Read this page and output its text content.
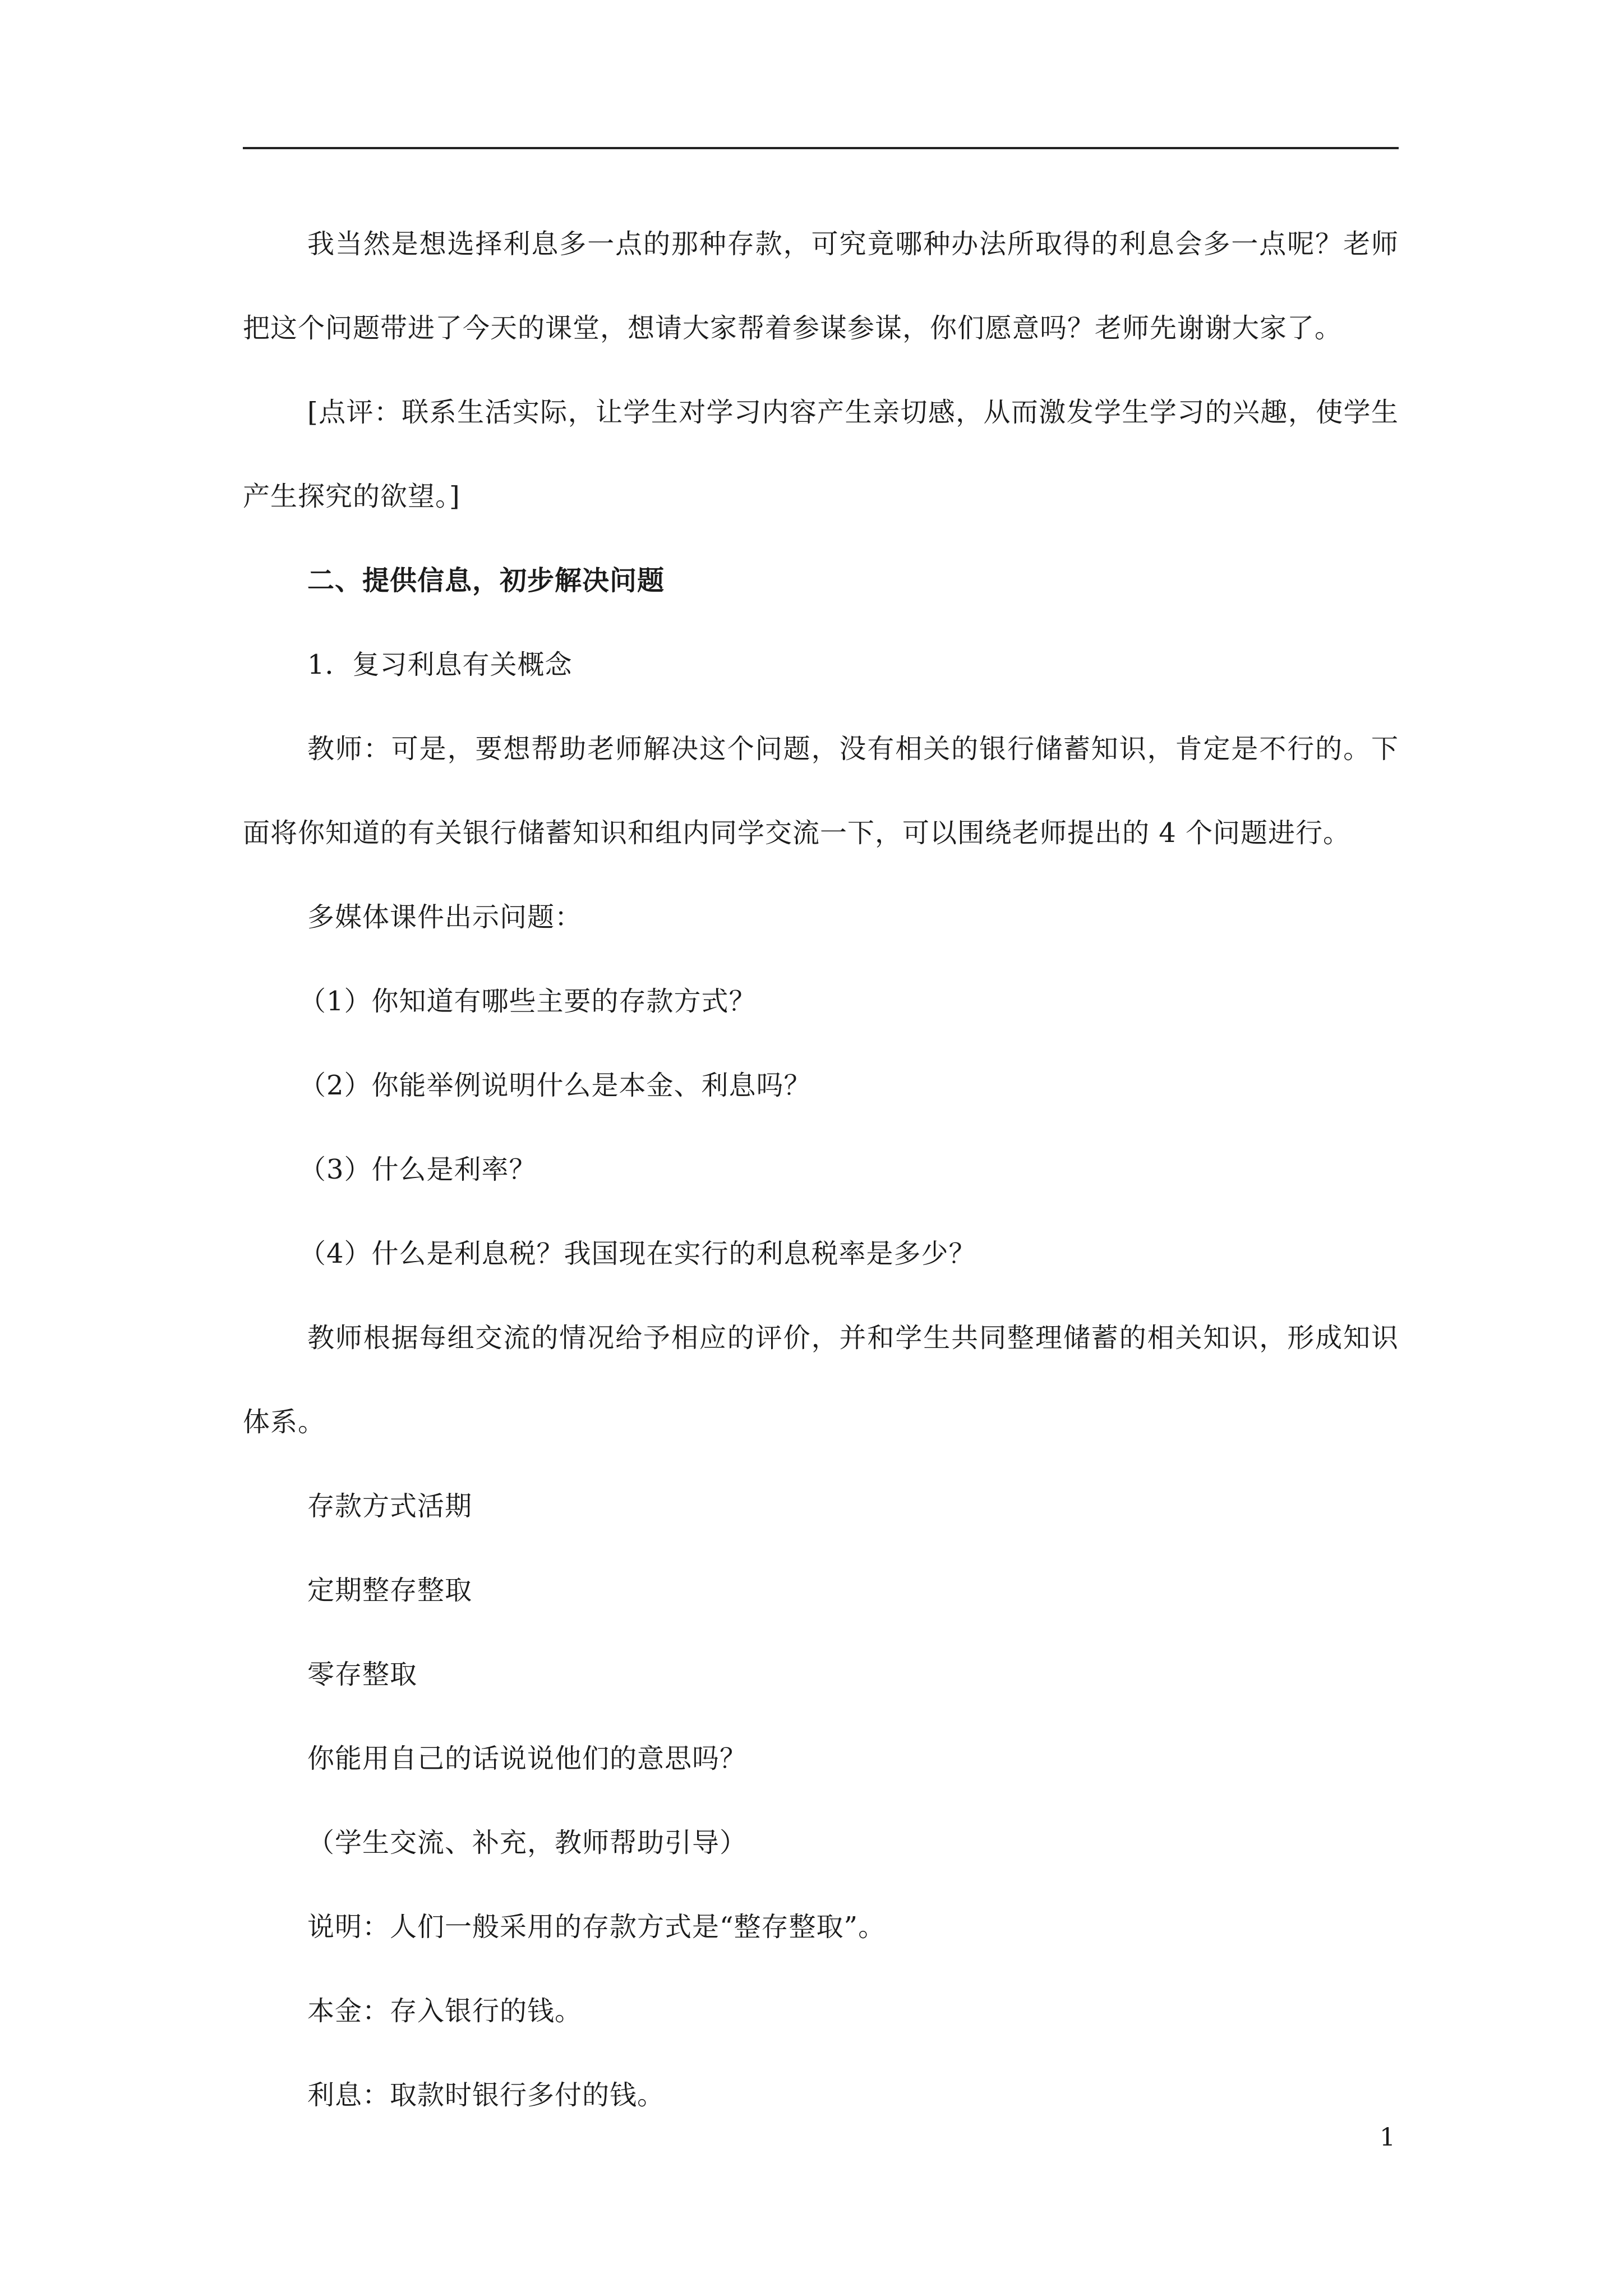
我当然是想选择利息多一点的那种存款，可究竟哪种办法所取得的利息会多一点呢？老师把这个问题带进了今天的课堂，想请大家帮着参谋参谋，你们愿意吗？老师先谢谢大家了。

[点评：联系生活实际，让学生对学习内容产生亲切感，从而激发学生学习的兴趣，使学生产生探究的欲望。]

二、提供信息，初步解决问题

1．复习利息有关概念

教师：可是，要想帮助老师解决这个问题，没有相关的银行储蓄知识，肯定是不行的。下面将你知道的有关银行储蓄知识和组内同学交流一下，可以围绕老师提出的 4 个问题进行。

多媒体课件出示问题：

（1）你知道有哪些主要的存款方式？

（2）你能举例说明什么是本金、利息吗？

（3）什么是利率？

（4）什么是利息税？我国现在实行的利息税率是多少？

教师根据每组交流的情况给予相应的评价，并和学生共同整理储蓄的相关知识，形成知识体系。

存款方式活期

定期整存整取

零存整取

你能用自己的话说说他们的意思吗？

（学生交流、补充，教师帮助引导）

说明：人们一般采用的存款方式是“整存整取”。

本金：存入银行的钱。

利息：取款时银行多付的钱。

1
